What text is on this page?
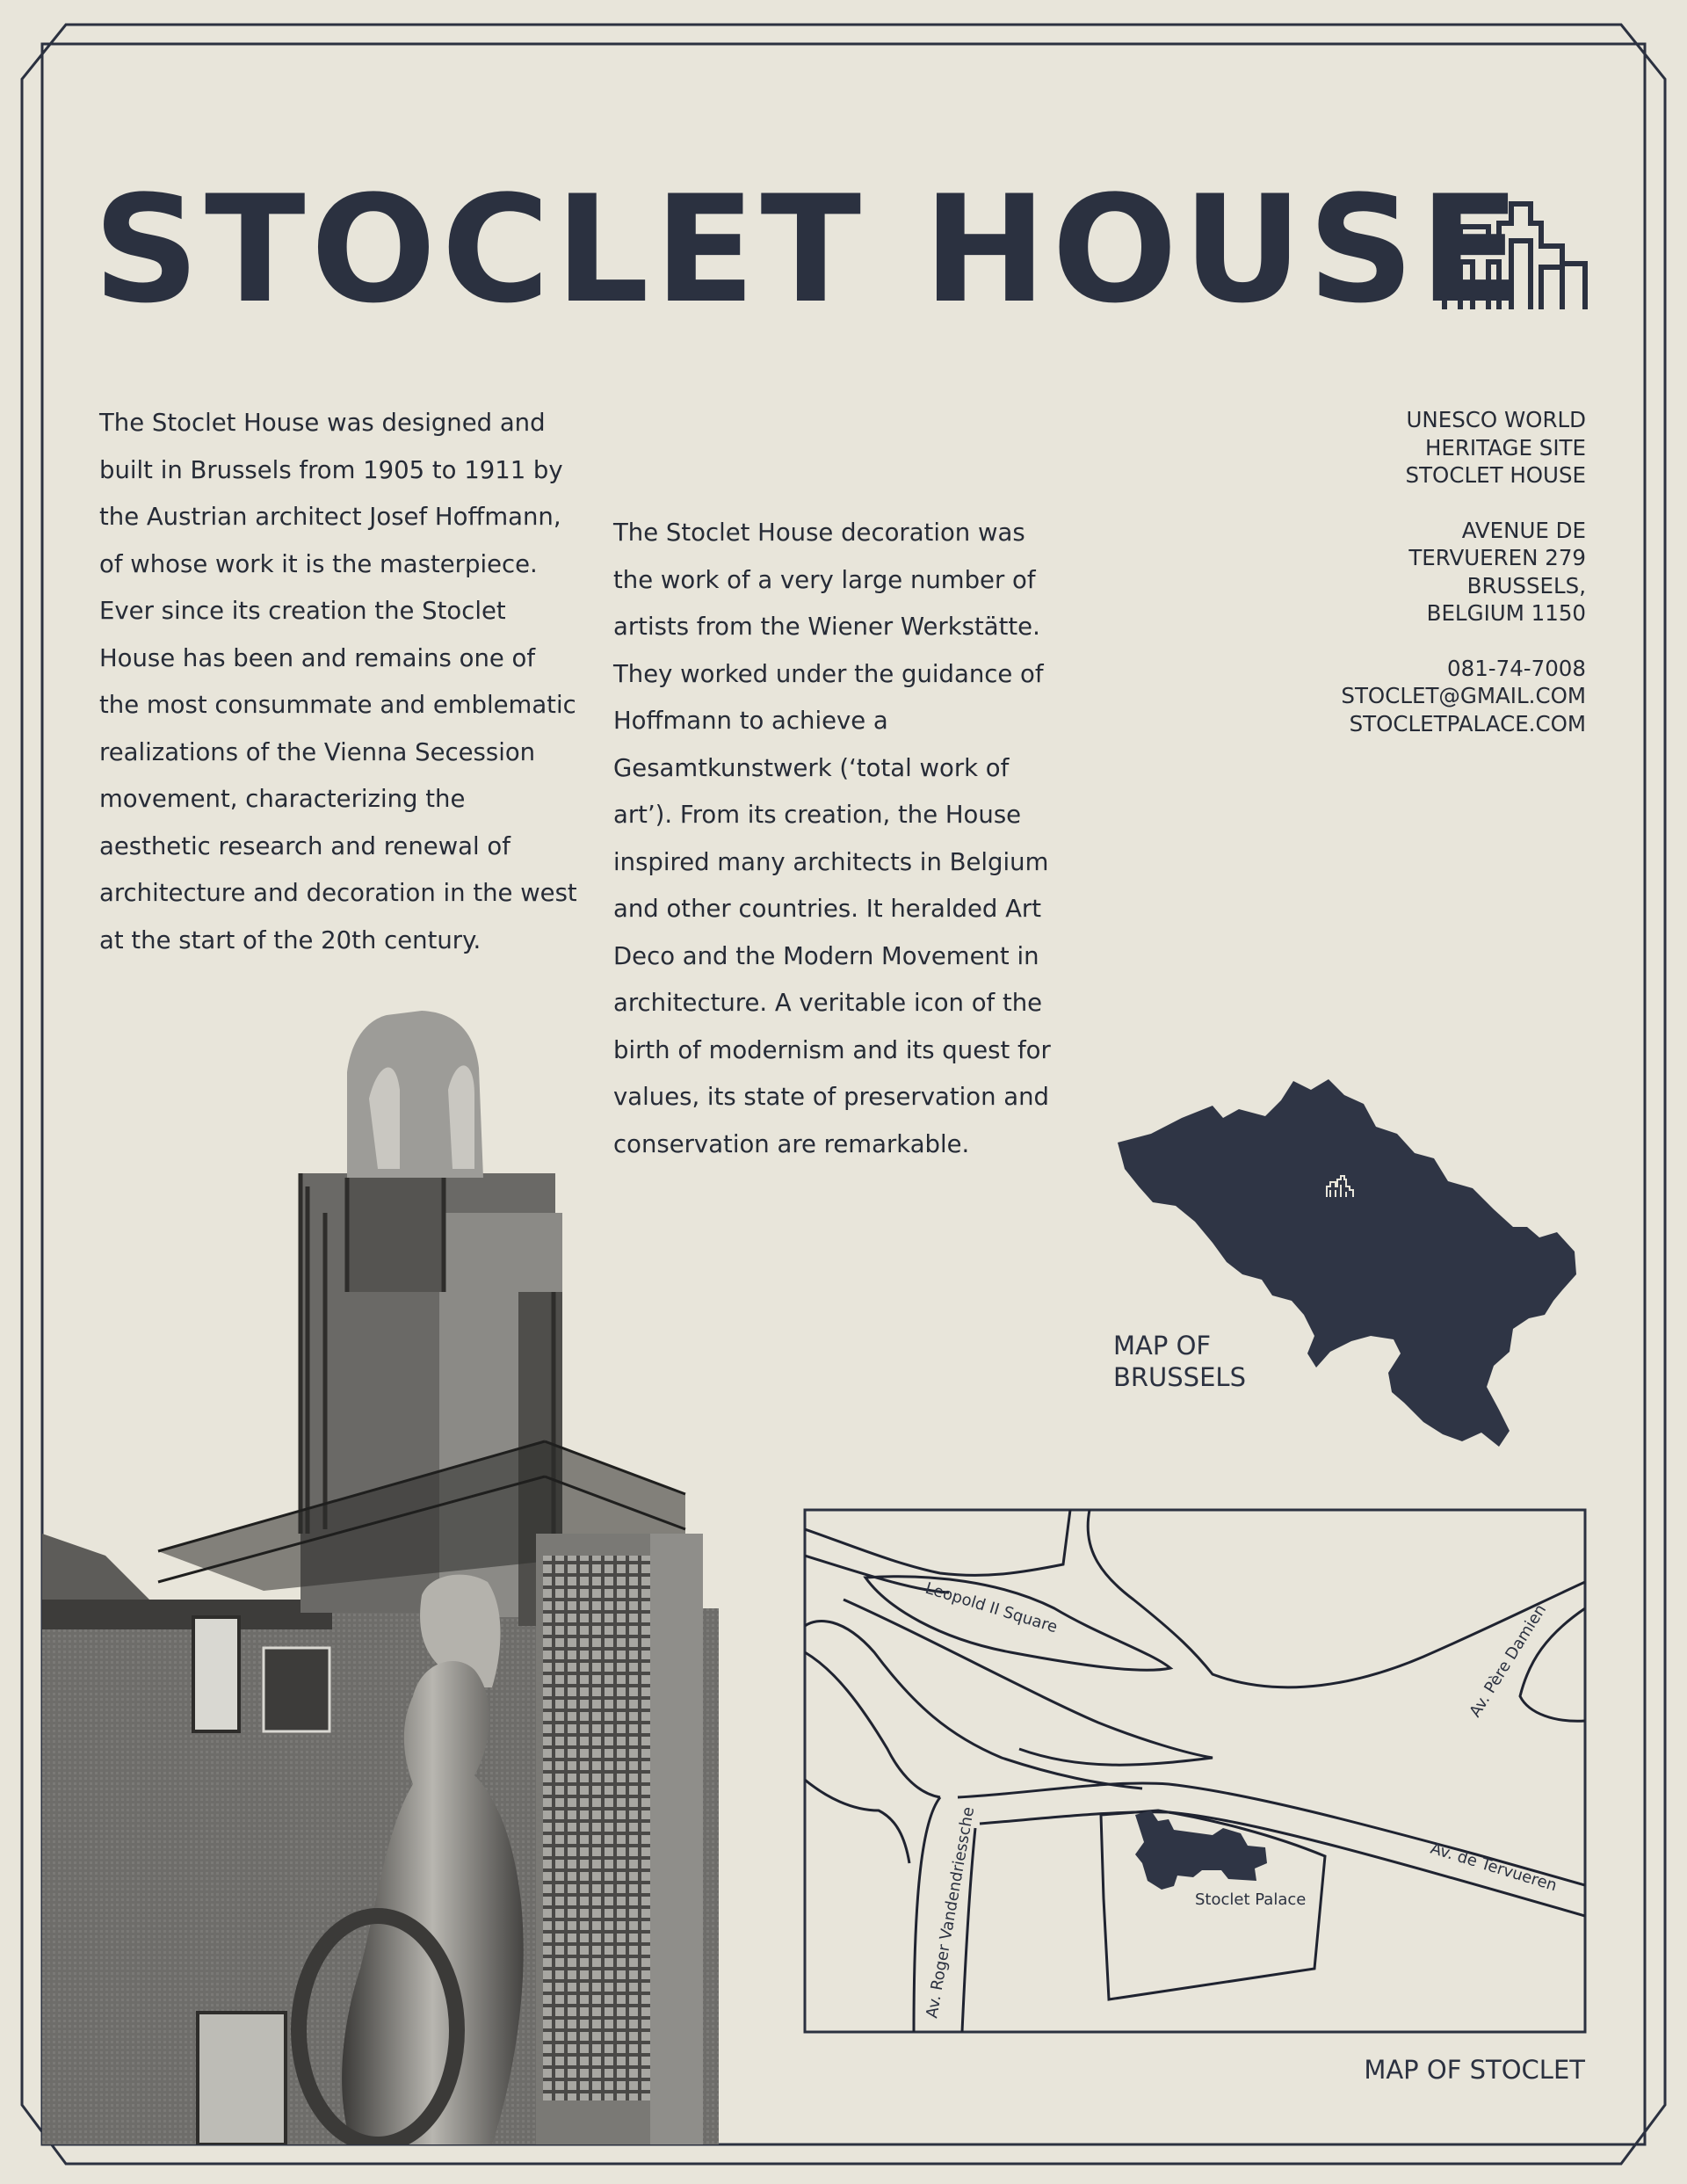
STOCLET HOUSE

The Stoclet House was designed and built in Brussels from 1905 to 1911 by the Austrian architect Josef Hoffmann, of whose work it is the masterpiece. Ever since its creation the Stoclet House has been and remains one of the most consummate and emblematic realizations of the Vienna Secession movement, characterizing the aesthetic research and renewal of architecture and decoration in the west at the start of the 20th century.

The Stoclet House decoration was the work of a very large number of artists from the Wiener Werkstätte. They worked under the guidance of Hoffmann to achieve a Gesamtkunstwerk (‘total work of art’). From its creation, the House inspired many architects in Belgium and other countries. It heralded Art Deco and the Modern Movement in architecture. A veritable icon of the birth of modernism and its quest for values, its state of preservation and conservation are remarkable.

UNESCO WORLD
HERITAGE SITE
STOCLET HOUSE
AVENUE DE
TERVUEREN 279
BRUSSELS,
BELGIUM 1150
081-74-7008
STOCLET@GMAIL.COM
STOCLETPALACE.COM
MAP OF
BRUSSELS
Leopold II Square	Av. Père Damien
Av. de Tervueren
Av. Roger Vandendriessche	Stoclet Palace
MAP OF STOCLET
